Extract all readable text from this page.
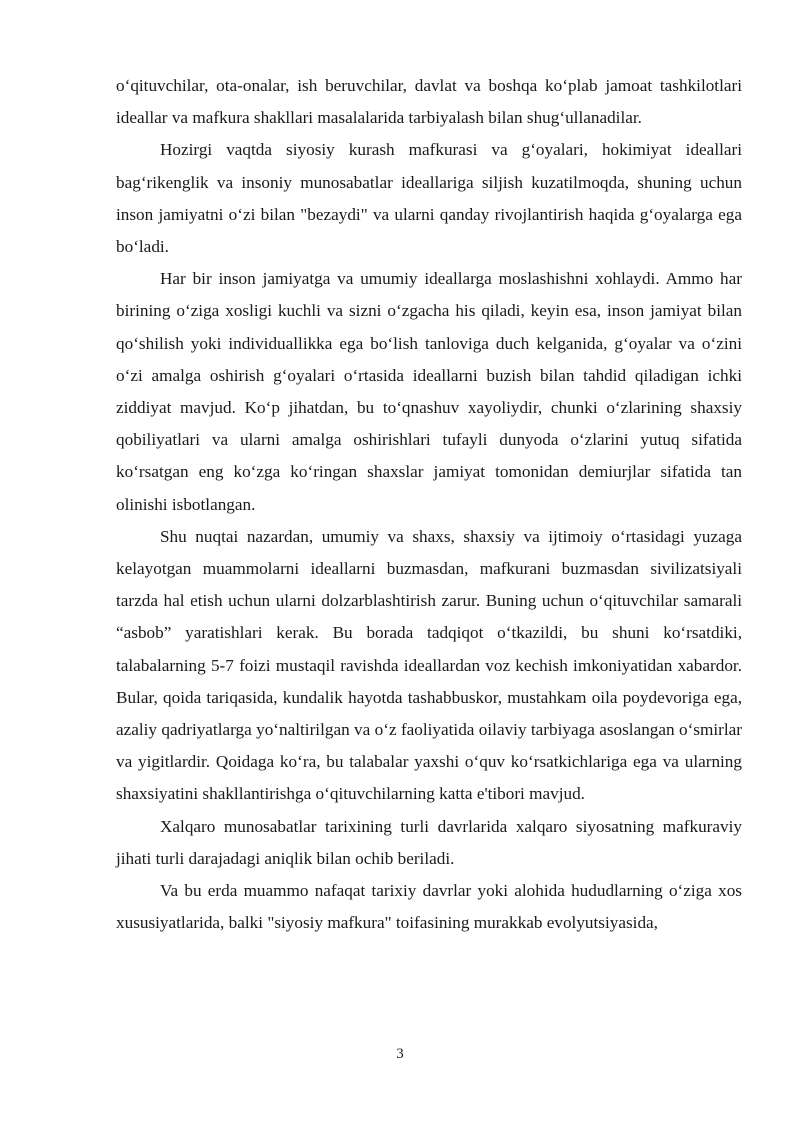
o‘qituvchilar, ota-onalar, ish beruvchilar, davlat va boshqa ko‘plab jamoat tashkilotlari ideallar va mafkura shakllari masalalarida tarbiyalash bilan shug‘ullanadilar.

Hozirgi vaqtda siyosiy kurash mafkurasi va g‘oyalari, hokimiyat ideallari bag‘rikenglik va insoniy munosabatlar ideallariga siljish kuzatilmoqda, shuning uchun inson jamiyatni o‘zi bilan "bezaydi" va ularni qanday rivojlantirish haqida g‘oyalarga ega bo‘ladi.

Har bir inson jamiyatga va umumiy ideallarga moslashishni xohlaydi. Ammo har birining o‘ziga xosligi kuchli va sizni o‘zgacha his qiladi, keyin esa, inson jamiyat bilan qo‘shilish yoki individuallikka ega bo‘lish tanloviga duch kelganida, g‘oyalar va o‘zini o‘zi amalga oshirish g‘oyalari o‘rtasida ideallarni buzish bilan tahdid qiladigan ichki ziddiyat mavjud. Ko‘p jihatdan, bu to‘qnashuv xayoliydir, chunki o‘zlarining shaxsiy qobiliyatlari va ularni amalga oshirishlari tufayli dunyoda o‘zlarini yutuq sifatida ko‘rsatgan eng ko‘zga ko‘ringan shaxslar jamiyat tomonidan demiurjlar sifatida tan olinishi isbotlangan.

Shu nuqtai nazardan, umumiy va shaxs, shaxsiy va ijtimoiy o‘rtasidagi yuzaga kelayotgan muammolarni ideallarni buzmasdan, mafkurani buzmasdan sivilizatsiyali tarzda hal etish uchun ularni dolzarblashtirish zarur. Buning uchun o‘qituvchilar samarali “asbob” yaratishlari kerak. Bu borada tadqiqot o‘tkazildi, bu shuni ko‘rsatdiki, talabalarning 5-7 foizi mustaqil ravishda ideallardan voz kechish imkoniyatidan xabardor. Bular, qoida tariqasida, kundalik hayotda tashabbuskor, mustahkam oila poydevoriga ega, azaliy qadriyatlarga yo‘naltirilgan va o‘z faoliyatida oilaviy tarbiyaga asoslangan o‘smirlar va yigitlardir. Qoidaga ko‘ra, bu talabalar yaxshi o‘quv ko‘rsatkichlariga ega va ularning shaxsiyatini shakllantirishga o‘qituvchilarning katta e'tibori mavjud.

Xalqaro munosabatlar tarixining turli davrlarida xalqaro siyosatning mafkuraviy jihati turli darajadagi aniqlik bilan ochib beriladi.

Va bu erda muammo nafaqat tarixiy davrlar yoki alohida hududlarning o‘ziga xos xususiyatlarida, balki "siyosiy mafkura" toifasining murakkab evolyutsiyasida,

3
